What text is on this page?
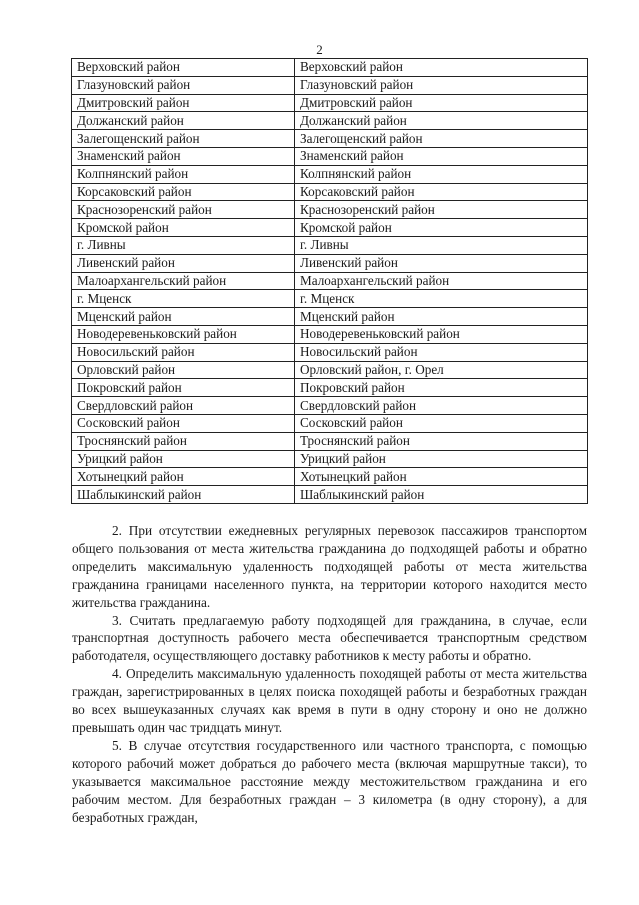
2
Верховский район	Верховский район
Глазуновский район	Глазуновский район
Дмитровский район	Дмитровский район
Должанский район	Должанский район
Залегощенский район	Залегощенский район
Знаменский район	Знаменский район
Колпнянский район	Колпнянский район
Корсаковский район	Корсаковский район
Краснозоренский район	Краснозоренский район
Кромской район	Кромской район
г. Ливны	г. Ливны
Ливенский район	Ливенский район
Малоархангельский район	Малоархангельский район
г. Мценск	г. Мценск
Мценский район	Мценский район
Новодеревеньковский район	Новодеревеньковский район
Новосильский район	Новосильский район
Орловский район	Орловский район, г. Орел
Покровский район	Покровский район
Свердловский район	Свердловский район
Сосковский район	Сосковский район
Троснянский район	Троснянский район
Урицкий район	Урицкий район
Хотынецкий район	Хотынецкий район
Шаблыкинский район	Шаблыкинский район

2. При отсутствии ежедневных регулярных перевозок пассажиров транспортом общего пользования от места жительства гражданина до подходящей работы и обратно определить максимальную удаленность подходящей работы от места жительства гражданина границами населенного пункта, на территории которого находится место жительства гражданина.

3. Считать предлагаемую работу подходящей для гражданина, в случае, если транспортная доступность рабочего места обеспечивается транспортным средством работодателя, осуществляющего доставку работников к месту работы и обратно.

4. Определить максимальную удаленность походящей работы от места жительства граждан, зарегистрированных в целях поиска походящей работы и безработных граждан во всех вышеуказанных случаях как время в пути в одну сторону и оно не должно превышать один час тридцать минут.

5. В случае отсутствия государственного или частного транспорта, с помощью которого рабочий может добраться до рабочего места (включая маршрутные такси), то указывается максимальное расстояние между местожительством гражданина и его рабочим местом. Для безработных граждан – 3 километра (в одну сторону), а для безработных граждан,
